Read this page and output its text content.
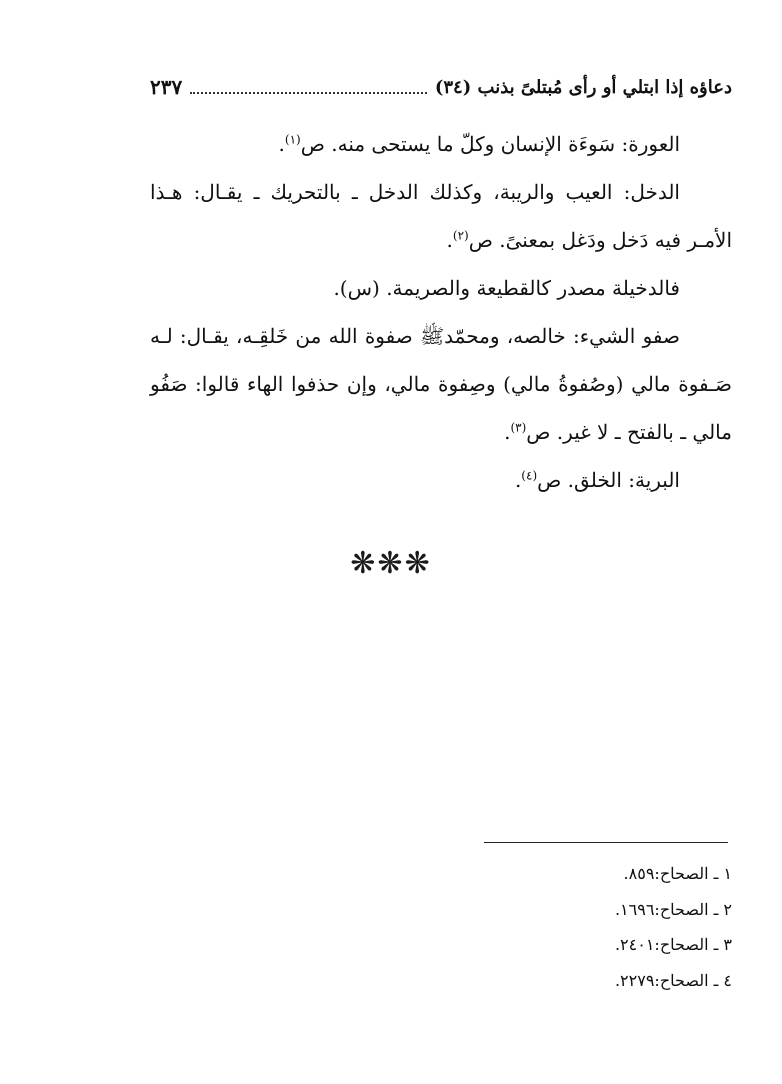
دعاؤه إذا ابتلي أو رأى مُبتلىً بذنب (٣٤)
٢٣٧

العورة: سَوءَة الإنسان وكلّ ما يستحى منه. ص$^{(١)}$.

الدخل: العيب والريبة، وكذلك الدخل ـ بالتحريك ـ يقـال: هـذا الأمـر فيه دَخل ودَغل بمعنىً. ص$^{(٢)}$.

فالدخيلة مصدر كالقطيعة والصريمة. (س).

صفو الشيء: خالصه، ومحمّدﷺ صفوة الله من خَلقِـه، يقـال: لـه صَـفوة مالي (وصُفوةُ مالي) وصِفوة مالي، وإن حذفوا الهاء قالوا: صَفُو مالي ـ بالفتح ـ لا غير. ص$^{(٣)}$.

البرية: الخلق. ص$^{(٤)}$.

❋❋❋

١ ـ الصحاح:٨٥٩.

٢ ـ الصحاح:١٦٩٦.

٣ ـ الصحاح:٢٤٠١.

٤ ـ الصحاح:٢٢٧٩.
